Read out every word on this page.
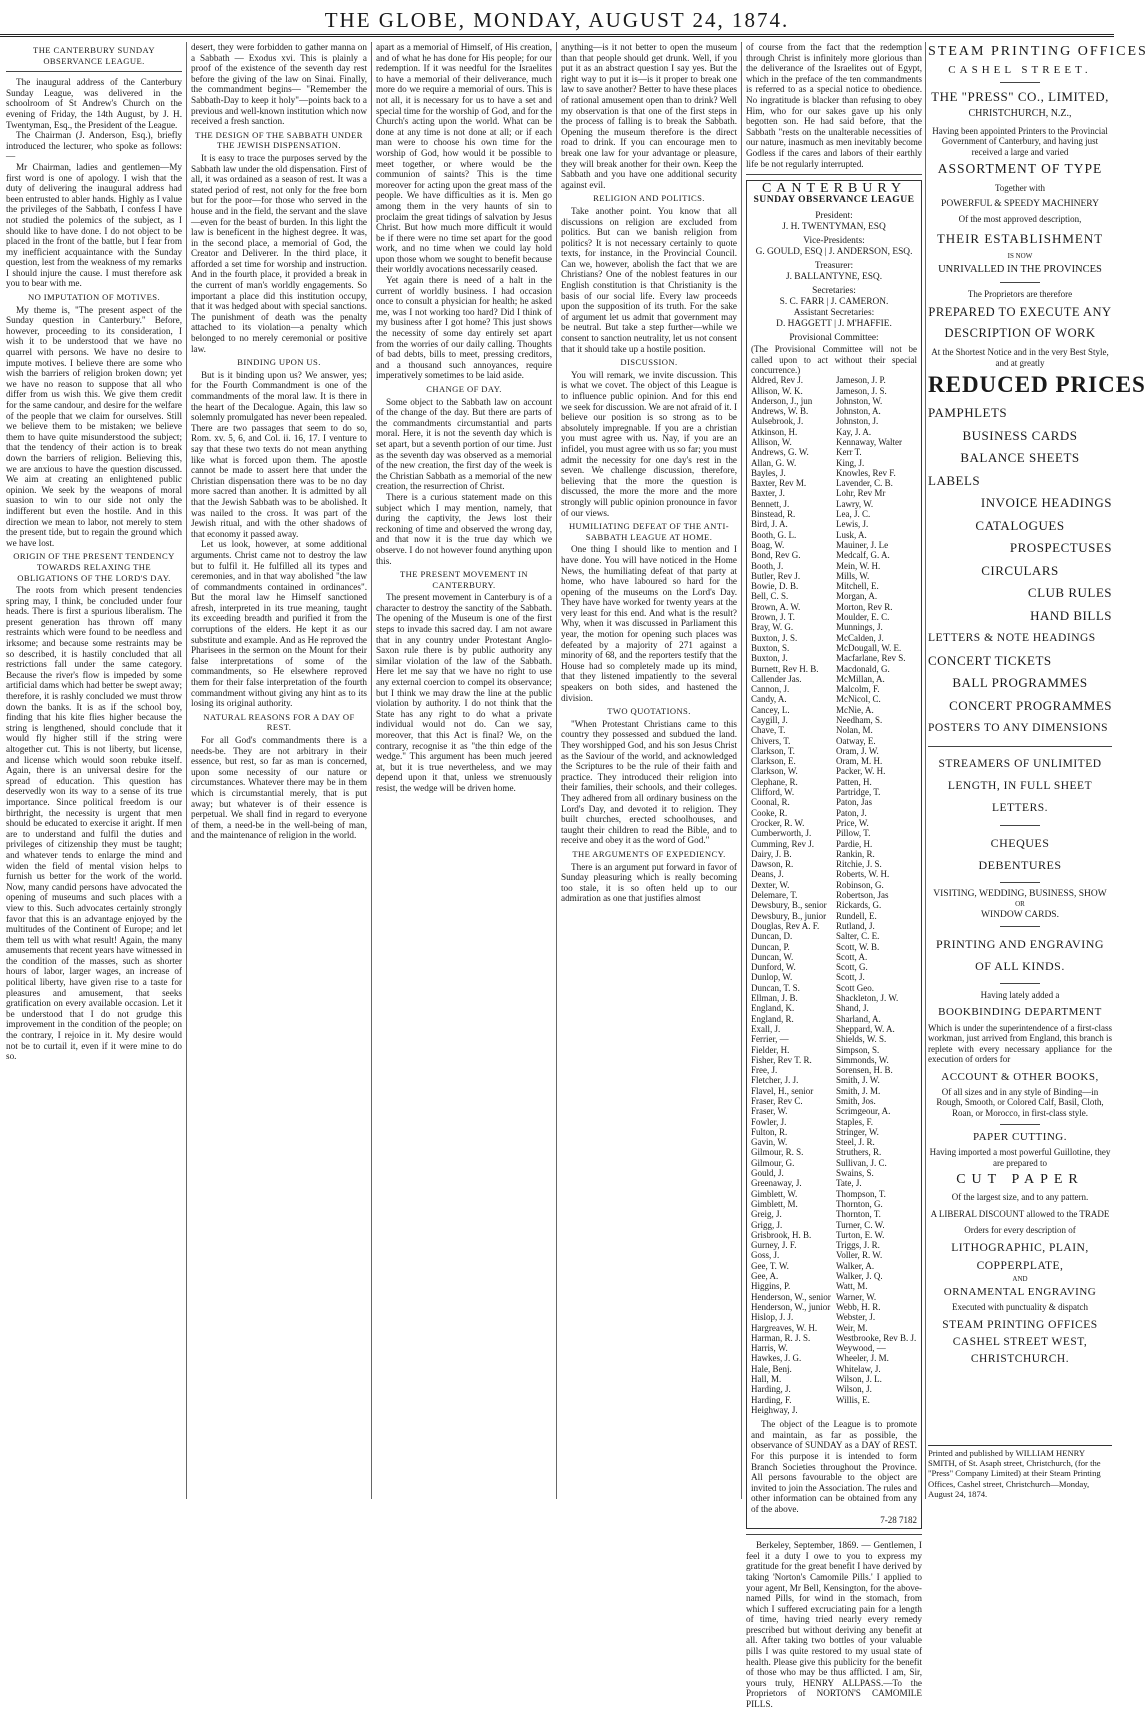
THE GLOBE, MONDAY, AUGUST 24, 1874.
THE CANTERBURY SUNDAY OBSERVANCE LEAGUE.

The inaugural address of the Canterbury Sunday League, was delivered in the schoolroom of St Andrew's Church on the evening of Friday, the 14th August, by J. H. Twentyman, Esq., the President of the League.

The Chairman (J. Anderson, Esq.), briefly introduced the lecturer, who spoke as follows:—

Mr Chairman, ladies and gentlemen—My first word is one of apology. I wish that the duty of delivering the inaugural address had been entrusted to abler hands. Highly as I value the privileges of the Sabbath, I confess I have not studied the polemics of the subject, as I should like to have done. I do not object to be placed in the front of the battle, but I fear from my inefficient acquaintance with the Sunday question, lest from the weakness of my remarks I should injure the cause. I must therefore ask you to bear with me.

NO IMPUTATION OF MOTIVES.

My theme is, "The present aspect of the Sunday question in Canterbury." Before, however, proceeding to its consideration, I wish it to be understood that we have no quarrel with persons. We have no desire to impute motives. I believe there are some who wish the barriers of religion broken down; yet we have no reason to suppose that all who differ from us wish this. We give them credit for the same candour, and desire for the welfare of the people that we claim for ourselves. Still we believe them to be mistaken; we believe them to have quite misunderstood the subject; that the tendency of their action is to break down the barriers of religion. Believing this, we are anxious to have the question discussed. We aim at creating an enlightened public opinion. We seek by the weapons of moral suasion to win to our side not only the indifferent but even the hostile. And in this direction we mean to labor, not merely to stem the present tide, but to regain the ground which we have lost.

ORIGIN OF THE PRESENT TENDENCY TOWARDS RELAXING THE OBLIGATIONS OF THE LORD'S DAY.

The roots from which present tendencies spring may, I think, be concluded under four heads. There is first a spurious liberalism. The present generation has thrown off many restraints which were found to be needless and irksome; and because some restraints may be so described, it is hastily concluded that all restrictions fall under the same category. Because the river's flow is impeded by some artificial dams which had better be swept away; therefore, it is rashly concluded we must throw down the banks. It is as if the school boy, finding that his kite flies higher because the string is lengthened, should conclude that it would fly higher still if the string were altogether cut. This is not liberty, but license, and license which would soon rebuke itself. Again, there is an universal desire for the spread of education. This question has deservedly won its way to a sense of its true importance. Since political freedom is our birthright, the necessity is urgent that men should be educated to exercise it aright. If men are to understand and fulfil the duties and privileges of citizenship they must be taught; and whatever tends to enlarge the mind and widen the field of mental vision helps to furnish us better for the work of the world. Now, many candid persons have advocated the opening of museums and such places with a view to this. Such advocates certainly strongly favor that this is an advantage enjoyed by the multitudes of the Continent of Europe; and let them tell us with what result! Again, the many amusements that recent years have witnessed in the condition of the masses, such as shorter hours of labor, larger wages, an increase of political liberty, have given rise to a taste for pleasures and amusement, that seeks gratification on every available occasion. Let it be understood that I do not grudge this improvement in the condition of the people; on the contrary, I rejoice in it. My desire would not be to curtail it, even if it were mine to do so.

desert, they were forbidden to gather manna on a Sabbath — Exodus xvi. This is plainly a proof of the existence of the seventh day rest before the giving of the law on Sinai. Finally, the commandment begins— "Remember the Sabbath-Day to keep it holy"—points back to a previous and well-known institution which now received a fresh sanction.

THE DESIGN OF THE SABBATH UNDER THE JEWISH DISPENSATION.

It is easy to trace the purposes served by the Sabbath law under the old dispensation. First of all, it was ordained as a season of rest. It was a stated period of rest, not only for the free born but for the poor—for those who served in the house and in the field, the servant and the slave—even for the beast of burden. In this light the law is beneficent in the highest degree. It was, in the second place, a memorial of God, the Creator and Deliverer. In the third place, it afforded a set time for worship and instruction. And in the fourth place, it provided a break in the current of man's worldly engagements. So important a place did this institution occupy, that it was hedged about with special sanctions. The punishment of death was the penalty attached to its violation—a penalty which belonged to no merely ceremonial or positive law.

BINDING UPON US.

But is it binding upon us? We answer, yes; for the Fourth Commandment is one of the commandments of the moral law. It is there in the heart of the Decalogue. Again, this law so solemnly promulgated has never been repealed. There are two passages that seem to do so, Rom. xv. 5, 6, and Col. ii. 16, 17. I venture to say that these two texts do not mean anything like what is forced upon them. The apostle cannot be made to assert here that under the Christian dispensation there was to be no day more sacred than another. It is admitted by all that the Jewish Sabbath was to be abolished. It was nailed to the cross. It was part of the Jewish ritual, and with the other shadows of that economy it passed away.

Let us look, however, at some additional arguments. Christ came not to destroy the law but to fulfil it. He fulfilled all its types and ceremonies, and in that way abolished "the law of commandments contained in ordinances". But the moral law he Himself sanctioned afresh, interpreted in its true meaning, taught its exceeding breadth and purified it from the corruptions of the elders. He kept it as our substitute and example. And as He reproved the Pharisees in the sermon on the Mount for their false interpretations of some of the commandments, so He elsewhere reproved them for their false interpretation of the fourth commandment without giving any hint as to its losing its original authority.

NATURAL REASONS FOR A DAY OF REST.

For all God's commandments there is a needs-be. They are not arbitrary in their essence, but rest, so far as man is concerned, upon some necessity of our nature or circumstances. Whatever there may be in them which is circumstantial merely, that is put away; but whatever is of their essence is perpetual. We shall find in regard to everyone of them, a need-be in the well-being of man, and the maintenance of religion in the world.

apart as a memorial of Himself, of His creation, and of what he has done for His people; for our redemption. If it was needful for the Israelites to have a memorial of their deliverance, much more do we require a memorial of ours. This is not all, it is necessary for us to have a set and special time for the worship of God, and for the Church's acting upon the world. What can be done at any time is not done at all; or if each man were to choose his own time for the worship of God, how would it be possible to meet together, or where would be the communion of saints? This is the time moreover for acting upon the great mass of the people. We have difficulties as it is. Men go among them in the very haunts of sin to proclaim the great tidings of salvation by Jesus Christ. But how much more difficult it would be if there were no time set apart for the good work, and no time when we could lay hold upon those whom we sought to benefit because their worldly avocations necessarily ceased.

Yet again there is need of a halt in the current of worldly business. I had occasion once to consult a physician for health; he asked me, was I not working too hard? Did I think of my business after I got home? This just shows the necessity of some day entirely set apart from the worries of our daily calling. Thoughts of bad debts, bills to meet, pressing creditors, and a thousand such annoyances, require imperatively sometimes to be laid aside.

CHANGE OF DAY.

Some object to the Sabbath law on account of the change of the day. But there are parts of the commandments circumstantial and parts moral. Here, it is not the seventh day which is set apart, but a seventh portion of our time. Just as the seventh day was observed as a memorial of the new creation, the first day of the week is the Christian Sabbath as a memorial of the new creation, the resurrection of Christ.

There is a curious statement made on this subject which I may mention, namely, that during the captivity, the Jews lost their reckoning of time and observed the wrong day, and that now it is the true day which we observe. I do not however found anything upon this.

THE PRESENT MOVEMENT IN CANTERBURY.

The present movement in Canterbury is of a character to destroy the sanctity of the Sabbath. The opening of the Museum is one of the first steps to invade this sacred day. I am not aware that in any country under Protestant Anglo-Saxon rule there is by public authority any similar violation of the law of the Sabbath. Here let me say that we have no right to use any external coercion to compel its observance; but I think we may draw the line at the public violation by authority. I do not think that the State has any right to do what a private individual would not do. Can we say, moreover, that this Act is final? We, on the contrary, recognise it as "the thin edge of the wedge." This argument has been much jeered at, but it is true nevertheless, and we may depend upon it that, unless we strenuously resist, the wedge will be driven home.

anything—is it not better to open the museum than that people should get drunk. Well, if you put it as an abstract question I say yes. But the right way to put it is—is it proper to break one law to save another? Better to have these places of rational amusement open than to drink? Well my observation is that one of the first steps in the process of falling is to break the Sabbath. Opening the museum therefore is the direct road to drink. If you can encourage men to break one law for your advantage or pleasure, they will break another for their own. Keep the Sabbath and you have one additional security against evil.

RELIGION AND POLITICS.

Take another point. You know that all discussions on religion are excluded from politics. But can we banish religion from politics? It is not necessary certainly to quote texts, for instance, in the Provincial Council. Can we, however, abolish the fact that we are Christians? One of the noblest features in our English constitution is that Christianity is the basis of our social life. Every law proceeds upon the supposition of its truth. For the sake of argument let us admit that government may be neutral. But take a step further—while we consent to sanction neutrality, let us not consent that it should take up a hostile position.

DISCUSSION.

You will remark, we invite discussion. This is what we covet. The object of this League is to influence public opinion. And for this end we seek for discussion. We are not afraid of it. I believe our position is so strong as to be absolutely impregnable. If you are a christian you must agree with us. Nay, if you are an infidel, you must agree with us so far; you must admit the necessity for one day's rest in the seven. We challenge discussion, therefore, believing that the more the question is discussed, the more the more and the more strongly will public opinion pronounce in favor of our views.

HUMILIATING DEFEAT OF THE ANTI-SABBATH LEAGUE AT HOME.

One thing I should like to mention and I have done. You will have noticed in the Home News, the humiliating defeat of that party at home, who have laboured so hard for the opening of the museums on the Lord's Day. They have have worked for twenty years at the very least for this end. And what is the result? Why, when it was discussed in Parliament this year, the motion for opening such places was defeated by a majority of 271 against a minority of 68, and the reporters testify that the House had so completely made up its mind, that they listened impatiently to the several speakers on both sides, and hastened the division.

TWO QUOTATIONS.

"When Protestant Christians came to this country they possessed and subdued the land. They worshipped God, and his son Jesus Christ as the Saviour of the world, and acknowledged the Scriptures to be the rule of their faith and practice. They introduced their religion into their families, their schools, and their colleges. They adhered from all ordinary business on the Lord's Day, and devoted it to religion. They built churches, erected schoolhouses, and taught their children to read the Bible, and to receive and obey it as the word of God."

THE ARGUMENTS OF EXPEDIENCY.

There is an argument put forward in favor of Sunday pleasuring which is really becoming too stale, it is so often held up to our admiration as one that justifies almost

of course from the fact that the redemption through Christ is infinitely more glorious than the deliverance of the Israelites out of Egypt, which in the preface of the ten commandments is referred to as a special notice to obedience. No ingratitude is blacker than refusing to obey Him, who for our sakes gave up his only begotten son. He had said before, that the Sabbath "rests on the unalterable necessities of our nature, inasmuch as men inevitably become Godless if the cares and labors of their earthly life be not regularly interrupted.

CANTERBURY
SUNDAY OBSERVANCE LEAGUE
President:
J. H. TWENTYMAN, ESQ
Vice-Presidents:
G. GOULD, ESQ | J. ANDERSON, ESQ.
Treasurer:
J. BALLANTYNE, ESQ.
Secretaries:
S. C. FARR | J. CAMERON.
Assistant Secretaries:
D. HAGGETT | J. M'HAFFIE.
Provisional Committee:

(The Provisional Committee will not be called upon to act without their special concurrence.)

Aldred, Rev J.
Allison, W. K.
Anderson, J., jun
Andrews, W. B.
Aulsebrook, J.
Atkinson, H.
Allison, W.
Andrews, G. W.
Allan, G. W.
Bayles, J.
Baxter, Rev M.
Baxter, J.
Bennett, J.
Binstead, R.
Bird, J. A.
Booth, G. L.
Boag, W.
Bond, Rev G.
Booth, J.
Butler, Rev J.
Bowie, D. B.
Bell, C. S.
Brown, A. W.
Brown, J. T.
Bray, W. G.
Buxton, J. S.
Buxton, S.
Buxton, J.
Burnett, Rev H. B.
Callender Jas.
Cannon, J.
Candy, A.
Cancey, L.
Caygill, J.
Chave, T.
Chivers, T.
Clarkson, T.
Clarkson, E.
Clarkson, W.
Clephane, R.
Clifford, W.
Coonal, R.
Cooke, R.
Crocker, R. W.
Cumberworth, J.
Cumming, Rev J.
Dairy, J. B.
Dawson, R.
Deans, J.
Dexter, W.
Delemare, T.
Dewsbury, B., senior
Dewsbury, B., junior
Douglas, Rev A. F.
Duncan, D.
Duncan, P.
Duncan, W.
Dunford, W.
Dunlop, W.
Duncan, T. S.
Ellman, J. B.
England, K.
England, R.
Exall, J.
Ferrier, —
Fielder, H.
Fisher, Rev T. R.
Free, J.
Fletcher, J. J.
Flavel, H., senior
Fraser, Rev C.
Fraser, W.
Fowler, J.
Fulton, R.
Gavin, W.
Gilmour, R. S.
Gilmour, G.
Gould, J.
Greenaway, J.
Gimblett, W.
Gimblett, M.
Greig, J.
Grigg, J.
Grisbrook, H. B.
Gurney, J. F.
Goss, J.
Gee, T. W.
Gee, A.
Higgins, P.
Henderson, W., senior
Henderson, W., junior
Hislop, J. J.
Hargreaves, W. H.
Harman, R. J. S.
Harris, W.
Hawkes, J. G.
Hale, Benj.
Hall, M.
Harding, J.
Harding, F.
Heighway, J.
Jameson, J. P.
Jameson, J. S.
Johnston, W.
Johnston, A.
Johnston, J.
Kay, J. A.
Kennaway, Walter
Kerr T.
King, J.
Knowles, Rev F.
Lavender, C. B.
Lohr, Rev Mr
Lawry, W.
Lea, J. C.
Lewis, J.
Lusk, A.
Mauiner, J. Le
Medcalf, G. A.
Mein, W. H.
Mills, W.
Mitchell, E.
Morgan, A.
Morton, Rev R.
Moulder, E. C.
Munnings, J.
McCalden, J.
McDougall, W. E.
Macfarlane, Rev S.
Macdonald, G.
McMillan, A.
Malcolm, F.
McNicol, C.
McNie, A.
Needham, S.
Nolan, M.
Oatway, E.
Oram, J. W.
Oram, M. H.
Packer, W. H.
Patten, H.
Partridge, T.
Paton, Jas
Paton, J.
Price, W.
Pillow, T.
Pardie, H.
Rankin, R.
Ritchie, J. S.
Roberts, W. H.
Robinson, G.
Robertson, Jas
Rickards, G.
Rundell, E.
Rutland, J.
Salter, C. E.
Scott, W. B.
Scott, A.
Scott, G.
Scott, J.
Scott Geo.
Shackleton, J. W.
Shand, J.
Sharland, A.
Sheppard, W. A.
Shields, W. S.
Simpson, S.
Simmonds, W.
Sorensen, H. B.
Smith, J. W.
Smith, J. M.
Smith, Jos.
Scrimgeour, A.
Staples, F.
Stringer, W.
Steel, J. R.
Struthers, R.
Sullivan, J. C.
Swains, S.
Tate, J.
Thompson, T.
Thornton, G.
Thornton, T.
Turner, C. W.
Turton, E. W.
Triggs, J. R.
Voller, R. W.
Walker, A.
Walker, J. Q.
Watt, M.
Warner, W.
Webb, H. R.
Webster, J.
Weir, M.
Westbrooke, Rev B. J.
Weywood, —
Wheeler, J. M.
Whitelaw, J.
Wilson, J. L.
Wilson, J.
Willis, E.

The object of the League is to promote and maintain, as far as possible, the observance of SUNDAY as a DAY of REST. For this purpose it is intended to form Branch Societies throughout the Province. All persons favourable to the object are invited to join the Association. The rules and other information can be obtained from any of the above.

7-28 7182

Berkeley, September, 1869. — Gentlemen, I feel it a duty I owe to you to express my gratitude for the great benefit I have derived by taking 'Norton's Camomile Pills.' I applied to your agent, Mr Bell, Kensington, for the above-named Pills, for wind in the stomach, from which I suffered excruciating pain for a length of time, having tried nearly every remedy prescribed but without deriving any benefit at all. After taking two bottles of your valuable pills I was quite restored to my usual state of health. Please give this publicity for the benefit of those who may be thus afflicted. I am, Sir, yours truly, HENRY ALLPASS.—To the Proprietors of NORTON'S CAMOMILE PILLS.

STEAM PRINTING OFFICES
CASHEL STREET.
THE "PRESS" CO., LIMITED,
CHRISTCHURCH, N.Z.,
Having been appointed Printers to the Provincial Government of Canterbury, and having just received a large and varied
ASSORTMENT OF TYPE
Together with
POWERFUL & SPEEDY MACHINERY
Of the most approved description,
THEIR ESTABLISHMENT
IS NOW
UNRIVALLED IN THE PROVINCES
The Proprietors are therefore
PREPARED TO EXECUTE ANY
DESCRIPTION OF WORK
At the Shortest Notice and in the very Best Style, and at greatly
REDUCED PRICES
PAMPHLETS
BUSINESS CARDS
BALANCE SHEETS
LABELS
INVOICE HEADINGS
CATALOGUES
PROSPECTUSES
CIRCULARS
CLUB RULES
HAND BILLS
LETTERS & NOTE HEADINGS
CONCERT TICKETS
BALL PROGRAMMES
CONCERT PROGRAMMES
POSTERS TO ANY DIMENSIONS
STREAMERS OF UNLIMITED
LENGTH, IN FULL SHEET
LETTERS.
CHEQUES
DEBENTURES
VISITING, WEDDING, BUSINESS, SHOW
OR
WINDOW CARDS.
PRINTING AND ENGRAVING
OF ALL KINDS.
Having lately added a
BOOKBINDING DEPARTMENT
Which is under the superintendence of a first-class workman, just arrived from England, this branch is replete with every necessary appliance for the execution of orders for
ACCOUNT & OTHER BOOKS,
Of all sizes and in any style of Binding—in Rough, Smooth, or Colored Calf, Basil, Cloth, Roan, or Morocco, in first-class style.
PAPER CUTTING.
Having imported a most powerful Guillotine, they are prepared to
CUT PAPER
Of the largest size, and to any pattern.
A LIBERAL DISCOUNT allowed to the TRADE
Orders for every description of
LITHOGRAPHIC, PLAIN,
COPPERPLATE,
AND
ORNAMENTAL ENGRAVING
Executed with punctuality & dispatch
STEAM PRINTING OFFICES
CASHEL STREET WEST,
CHRISTCHURCH.
Printed and published by WILLIAM HENRY SMITH, of St. Asaph street, Christchurch, (for the "Press" Company Limited) at their Steam Printing Offices, Cashel street, Christchurch—Monday, August 24, 1874.
